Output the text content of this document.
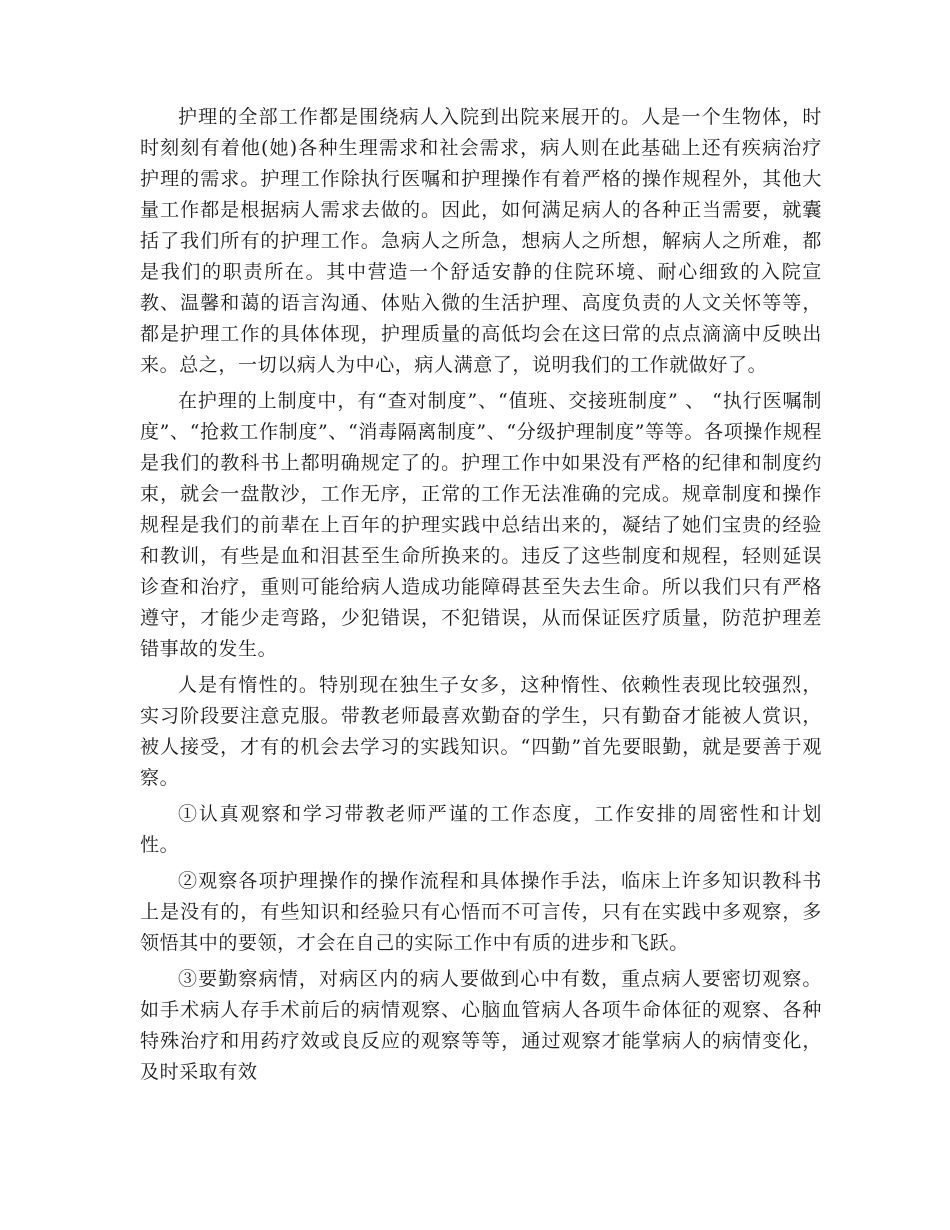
护理的全部工作都是围绕病人入院到出院来展开的。人是一个生物体，时时刻刻有着他(她)各种生理需求和社会需求，病人则在此基础上还有疾病治疗护理的需求。护理工作除执行医嘱和护理操作有着严格的操作规程外，其他大量工作都是根据病人需求去做的。因此，如何满足病人的各种正当需要，就囊括了我们所有的护理工作。急病人之所急，想病人之所想，解病人之所难，都是我们的职责所在。其中营造一个舒适安静的住院环境、耐心细致的入院宣教、温馨和蔼的语言沟通、体贴入微的生活护理、高度负责的人文关怀等等，都是护理工作的具体体现，护理质量的高低均会在这曰常的点点滴滴中反映出来。总之，一切以病人为中心，病人满意了，说明我们的工作就做好了。

在护理的上制度中，有“查对制度”、“值班、交接班制度” 、 “执行医嘱制度”、“抢救工作制度”、“消毒隔离制度”、“分级护理制度”等等。各项操作规程是我们的教科书上都明确规定了的。护理工作中如果没有严格的纪律和制度约束，就会一盘散沙，工作无序，正常的工作无法准确的完成。规章制度和操作规程是我们的前辈在上百年的护理实践中总结出来的，凝结了她们宝贵的经验和教训，有些是血和泪甚至生命所换来的。违反了这些制度和规程，轻则延误诊查和治疗，重则可能给病人造成功能障碍甚至失去生命。所以我们只有严格遵守，才能少走弯路，少犯错误，不犯错误，从而保证医疗质量，防范护理差错事故的发生。

人是有惰性的。特别现在独生子女多，这种惰性、依赖性表现比较强烈，实习阶段要注意克服。带教老师最喜欢勤奋的学生，只有勤奋才能被人赏识，被人接受，才有的机会去学习的实践知识。“四勤”首先要眼勤，就是要善于观察。

①认真观察和学习带教老师严谨的工作态度，工作安排的周密性和计划性。

②观察各项护理操作的操作流程和具体操作手法，临床上许多知识教科书上是没有的，有些知识和经验只有心悟而不可言传，只有在实践中多观察，多领悟其中的要领，才会在自己的实际工作中有质的进步和飞跃。

③要勤察病情，对病区内的病人要做到心中有数，重点病人要密切观察。如手术病人存手术前后的病情观察、心脑血管病人各项牛命体征的观察、各种特殊治疗和用药疗效或良反应的观察等等，通过观察才能掌病人的病情变化，及时采取有效
